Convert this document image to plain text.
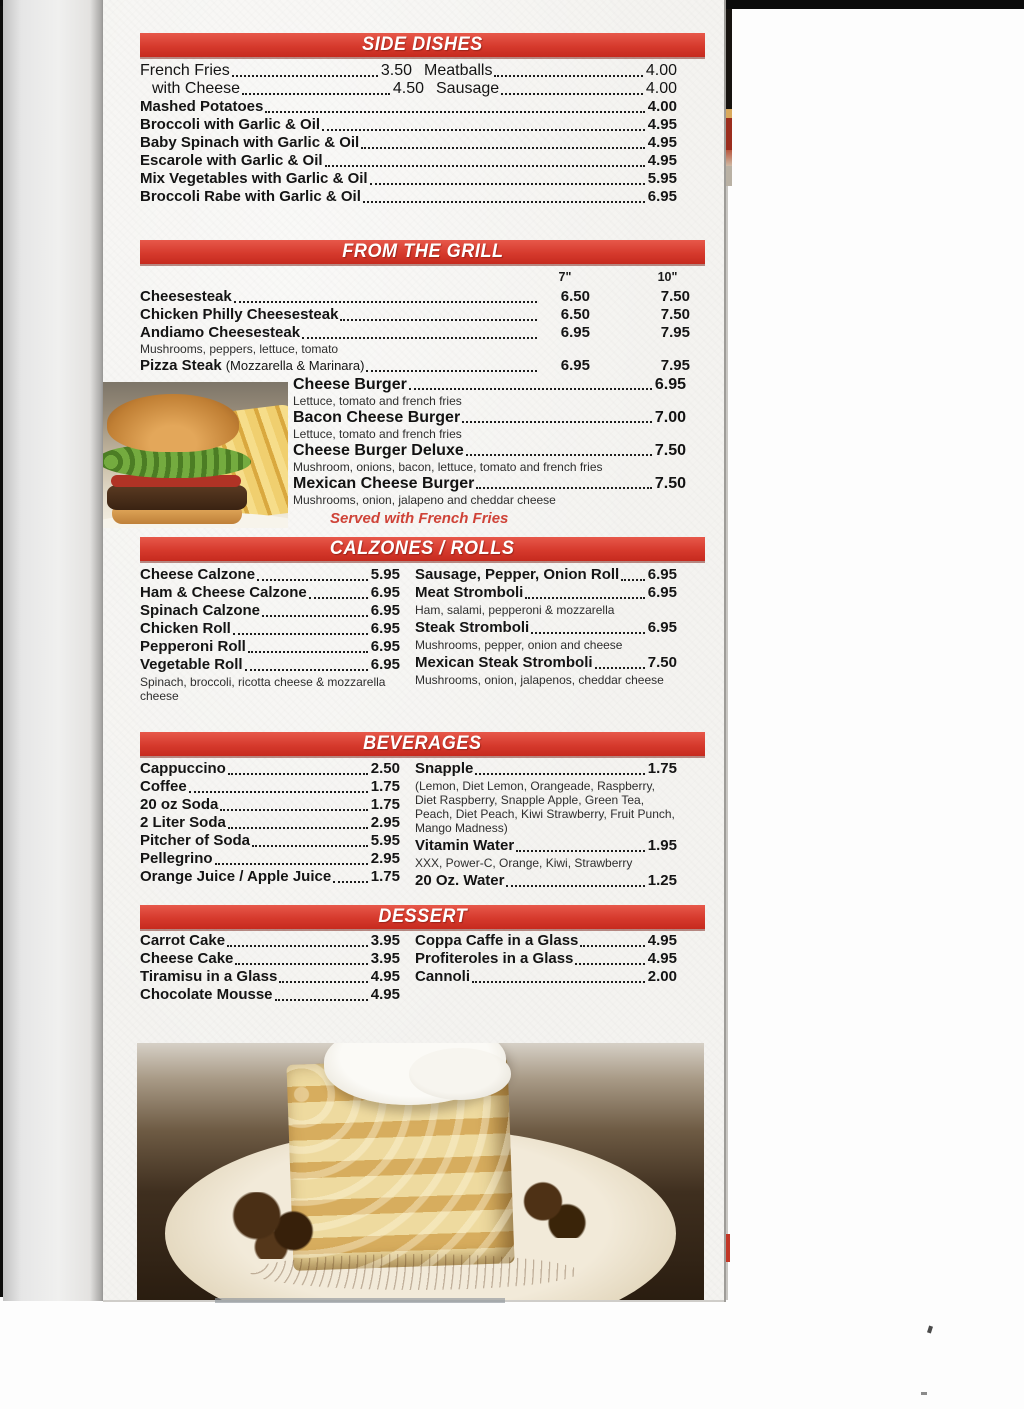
SIDE DISHES
French Fries	3.50 Meatballs	4.00
with Cheese	4.50 Sausage	4.00
Mashed Potatoes	4.00
Broccoli with Garlic & Oil	4.95
Baby Spinach with Garlic & Oil	4.95
Escarole with Garlic & Oil	4.95
Mix Vegetables with Garlic & Oil	5.95
Broccoli Rabe with Garlic & Oil	6.95
FROM THE GRILL
7"	10"
Cheesesteak	6.50	7.50
Chicken Philly Cheesesteak	6.50	7.50
Andiamo Cheesesteak	6.95	7.95
Mushrooms, peppers, lettuce, tomato
Pizza Steak (Mozzarella & Marinara)	6.95	7.95
Cheese Burger	6.95
Lettuce, tomato and french fries
Bacon Cheese Burger	7.00
Lettuce, tomato and french fries
Cheese Burger Deluxe	7.50
Mushroom, onions, bacon, lettuce, tomato and french fries
Mexican Cheese Burger	7.50
Mushrooms, onion, jalapeno and cheddar cheese
Served with French Fries
CALZONES / ROLLS
Cheese Calzone	5.95
Ham & Cheese Calzone	6.95
Spinach Calzone	6.95
Chicken Roll	6.95
Pepperoni Roll	6.95
Vegetable Roll	6.95
Spinach, broccoli, ricotta cheese & mozzarella cheese
Sausage, Pepper, Onion Roll 6.95
Meat Stromboli	6.95
Ham, salami, pepperoni & mozzarella
Steak Stromboli	6.95
Mushrooms, pepper, onion and cheese
Mexican Steak Stromboli	7.50
Mushrooms, onion, jalapenos, cheddar cheese
BEVERAGES
Cappuccino	2.50
Coffee	1.75
20 oz Soda	1.75
2 Liter Soda	2.95
Pitcher of Soda	5.95
Pellegrino	2.95
Orange Juice / Apple Juice	1.75
Snapple	1.75
(Lemon, Diet Lemon, Orangeade, Raspberry, Diet Raspberry, Snapple Apple, Green Tea, Peach, Diet Peach, Kiwi Strawberry, Fruit Punch, Mango Madness)
Vitamin Water	1.95
XXX, Power-C, Orange, Kiwi, Strawberry
20 Oz. Water	1.25
DESSERT
Carrot Cake	3.95
Cheese Cake	3.95
Tiramisu in a Glass	4.95
Chocolate Mousse	4.95
Coppa Caffe in a Glass	4.95
Profiteroles in a Glass	4.95
Cannoli	2.00
